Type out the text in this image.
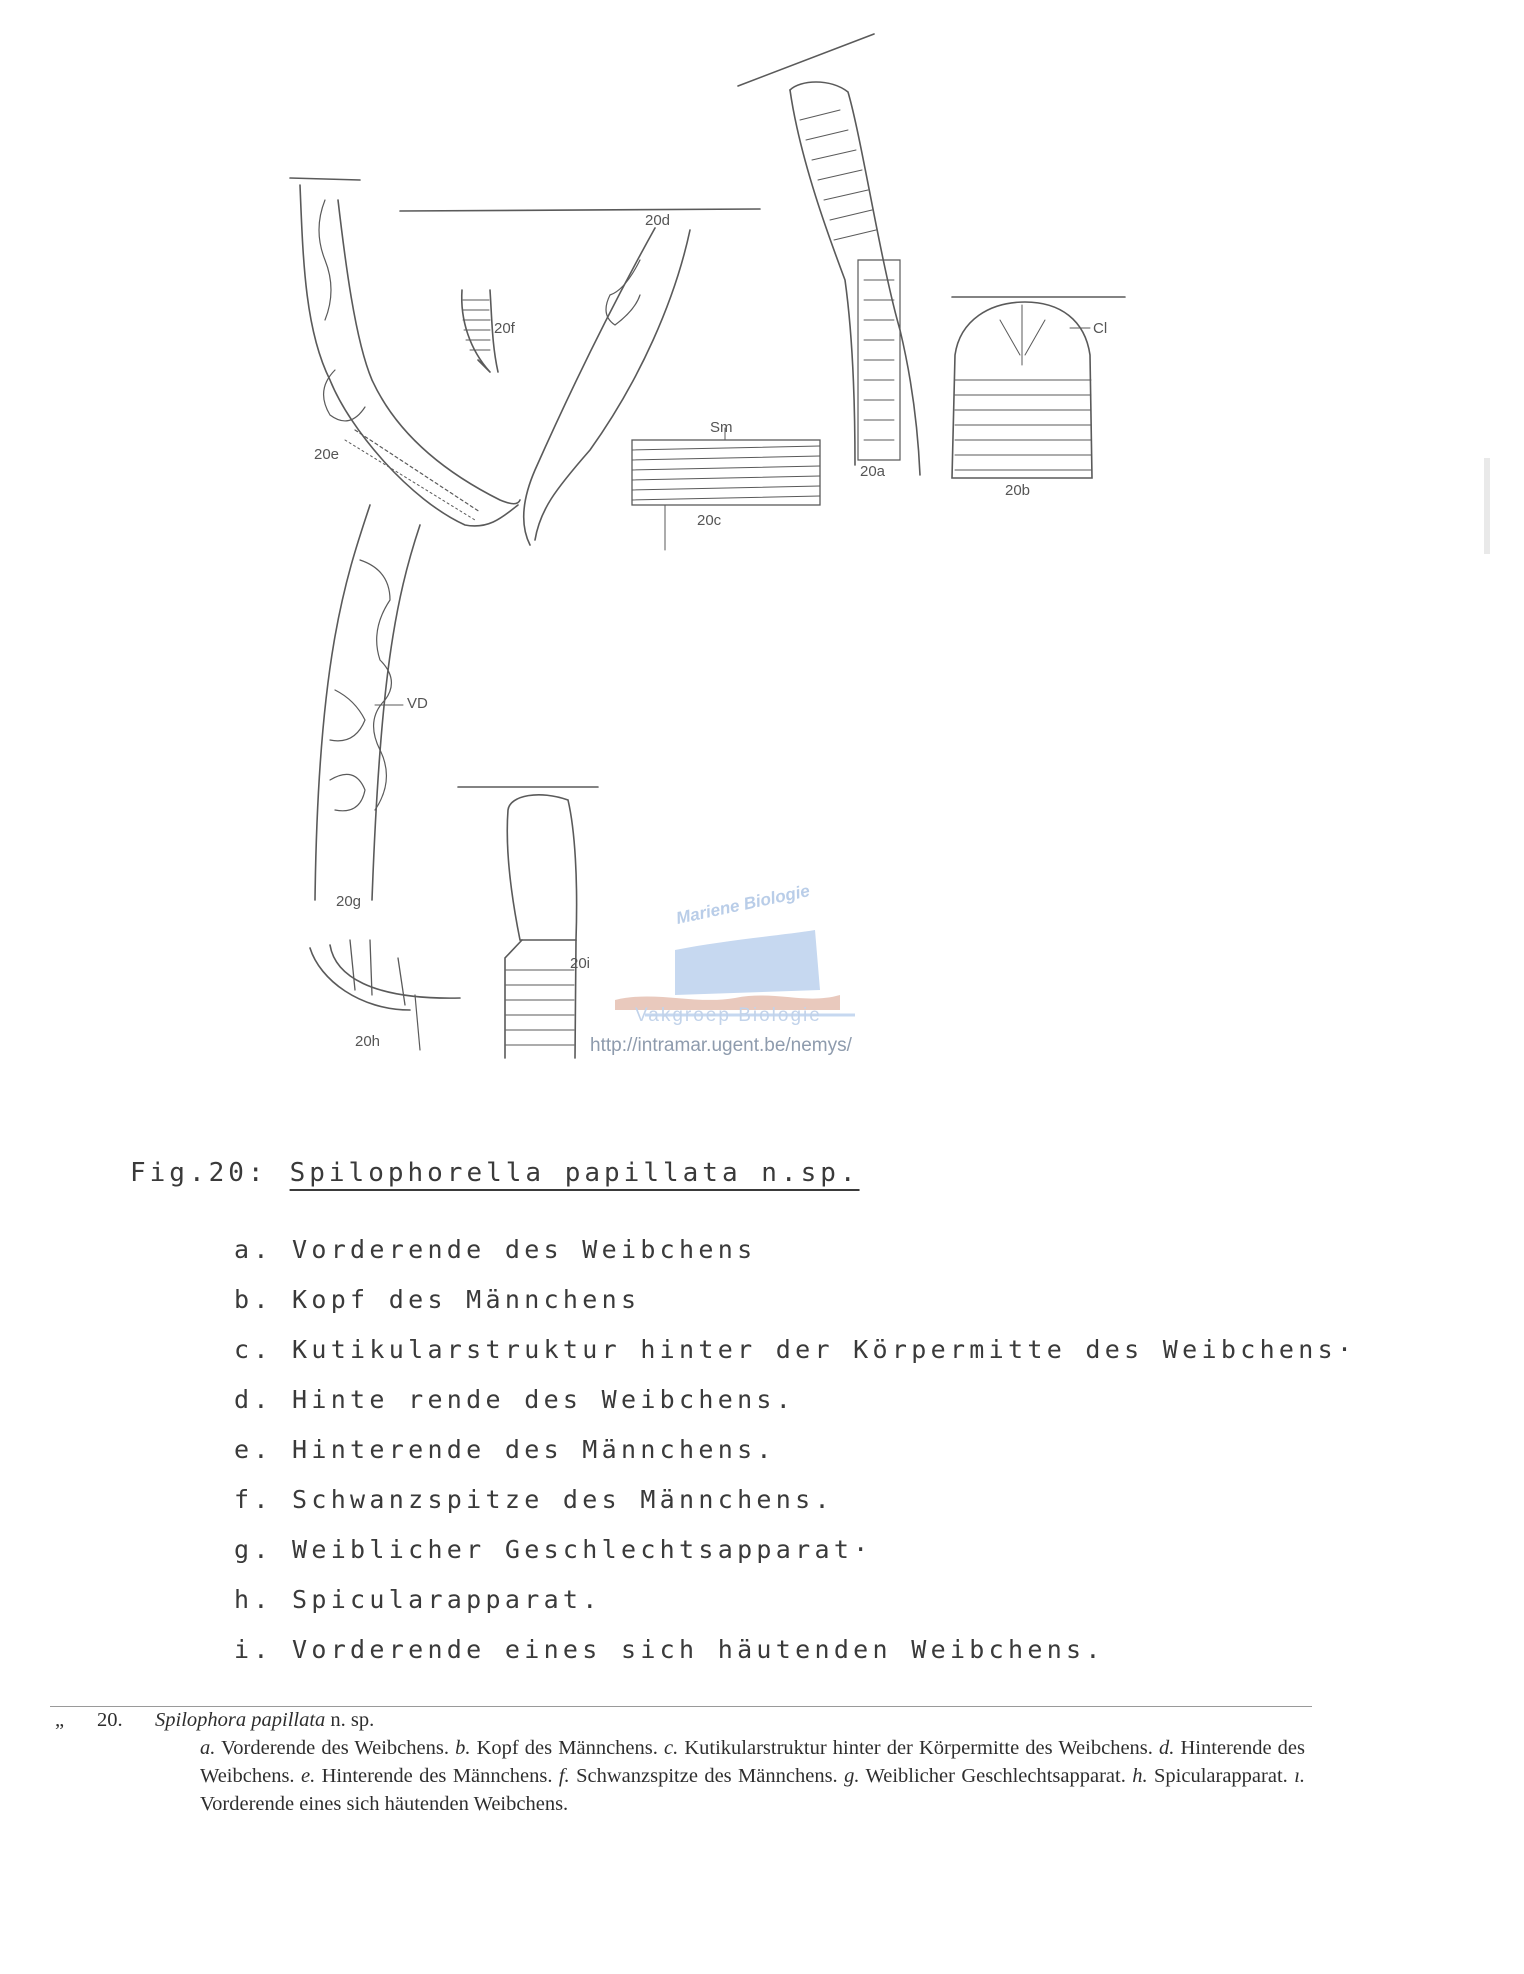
20a
20b
20c
20d
20e
20f
20g
20h
20i
Sm
Cl
VD
Mariene Biologie
Vakgroep Biologie
http://intramar.ugent.be/nemys/
Fig.20: Spilophorella papillata n.sp.
a. Vorderende des Weibchens
b. Kopf des Männchens
c. Kutikularstruktur hinter der Körpermitte des Weibchens·
d. Hinte rende des Weibchens.
e. Hinterende des Männchens.
f. Schwanzspitze des Männchens.
g. Weiblicher Geschlechtsapparat·
h. Spicularapparat.
i. Vorderende eines sich häutenden Weibchens.
„ 20. Spilophora papillata n. sp.
a. Vorderende des Weibchens. b. Kopf des Männchens. c. Kutikularstruktur hinter der Körpermitte des Weibchens. d. Hinterende des Weibchens. e. Hinterende des Männchens. f. Schwanzspitze des Männchens. g. Weiblicher Geschlechtsapparat. h. Spicularapparat. ı. Vorderende eines sich häutenden Weibchens.
